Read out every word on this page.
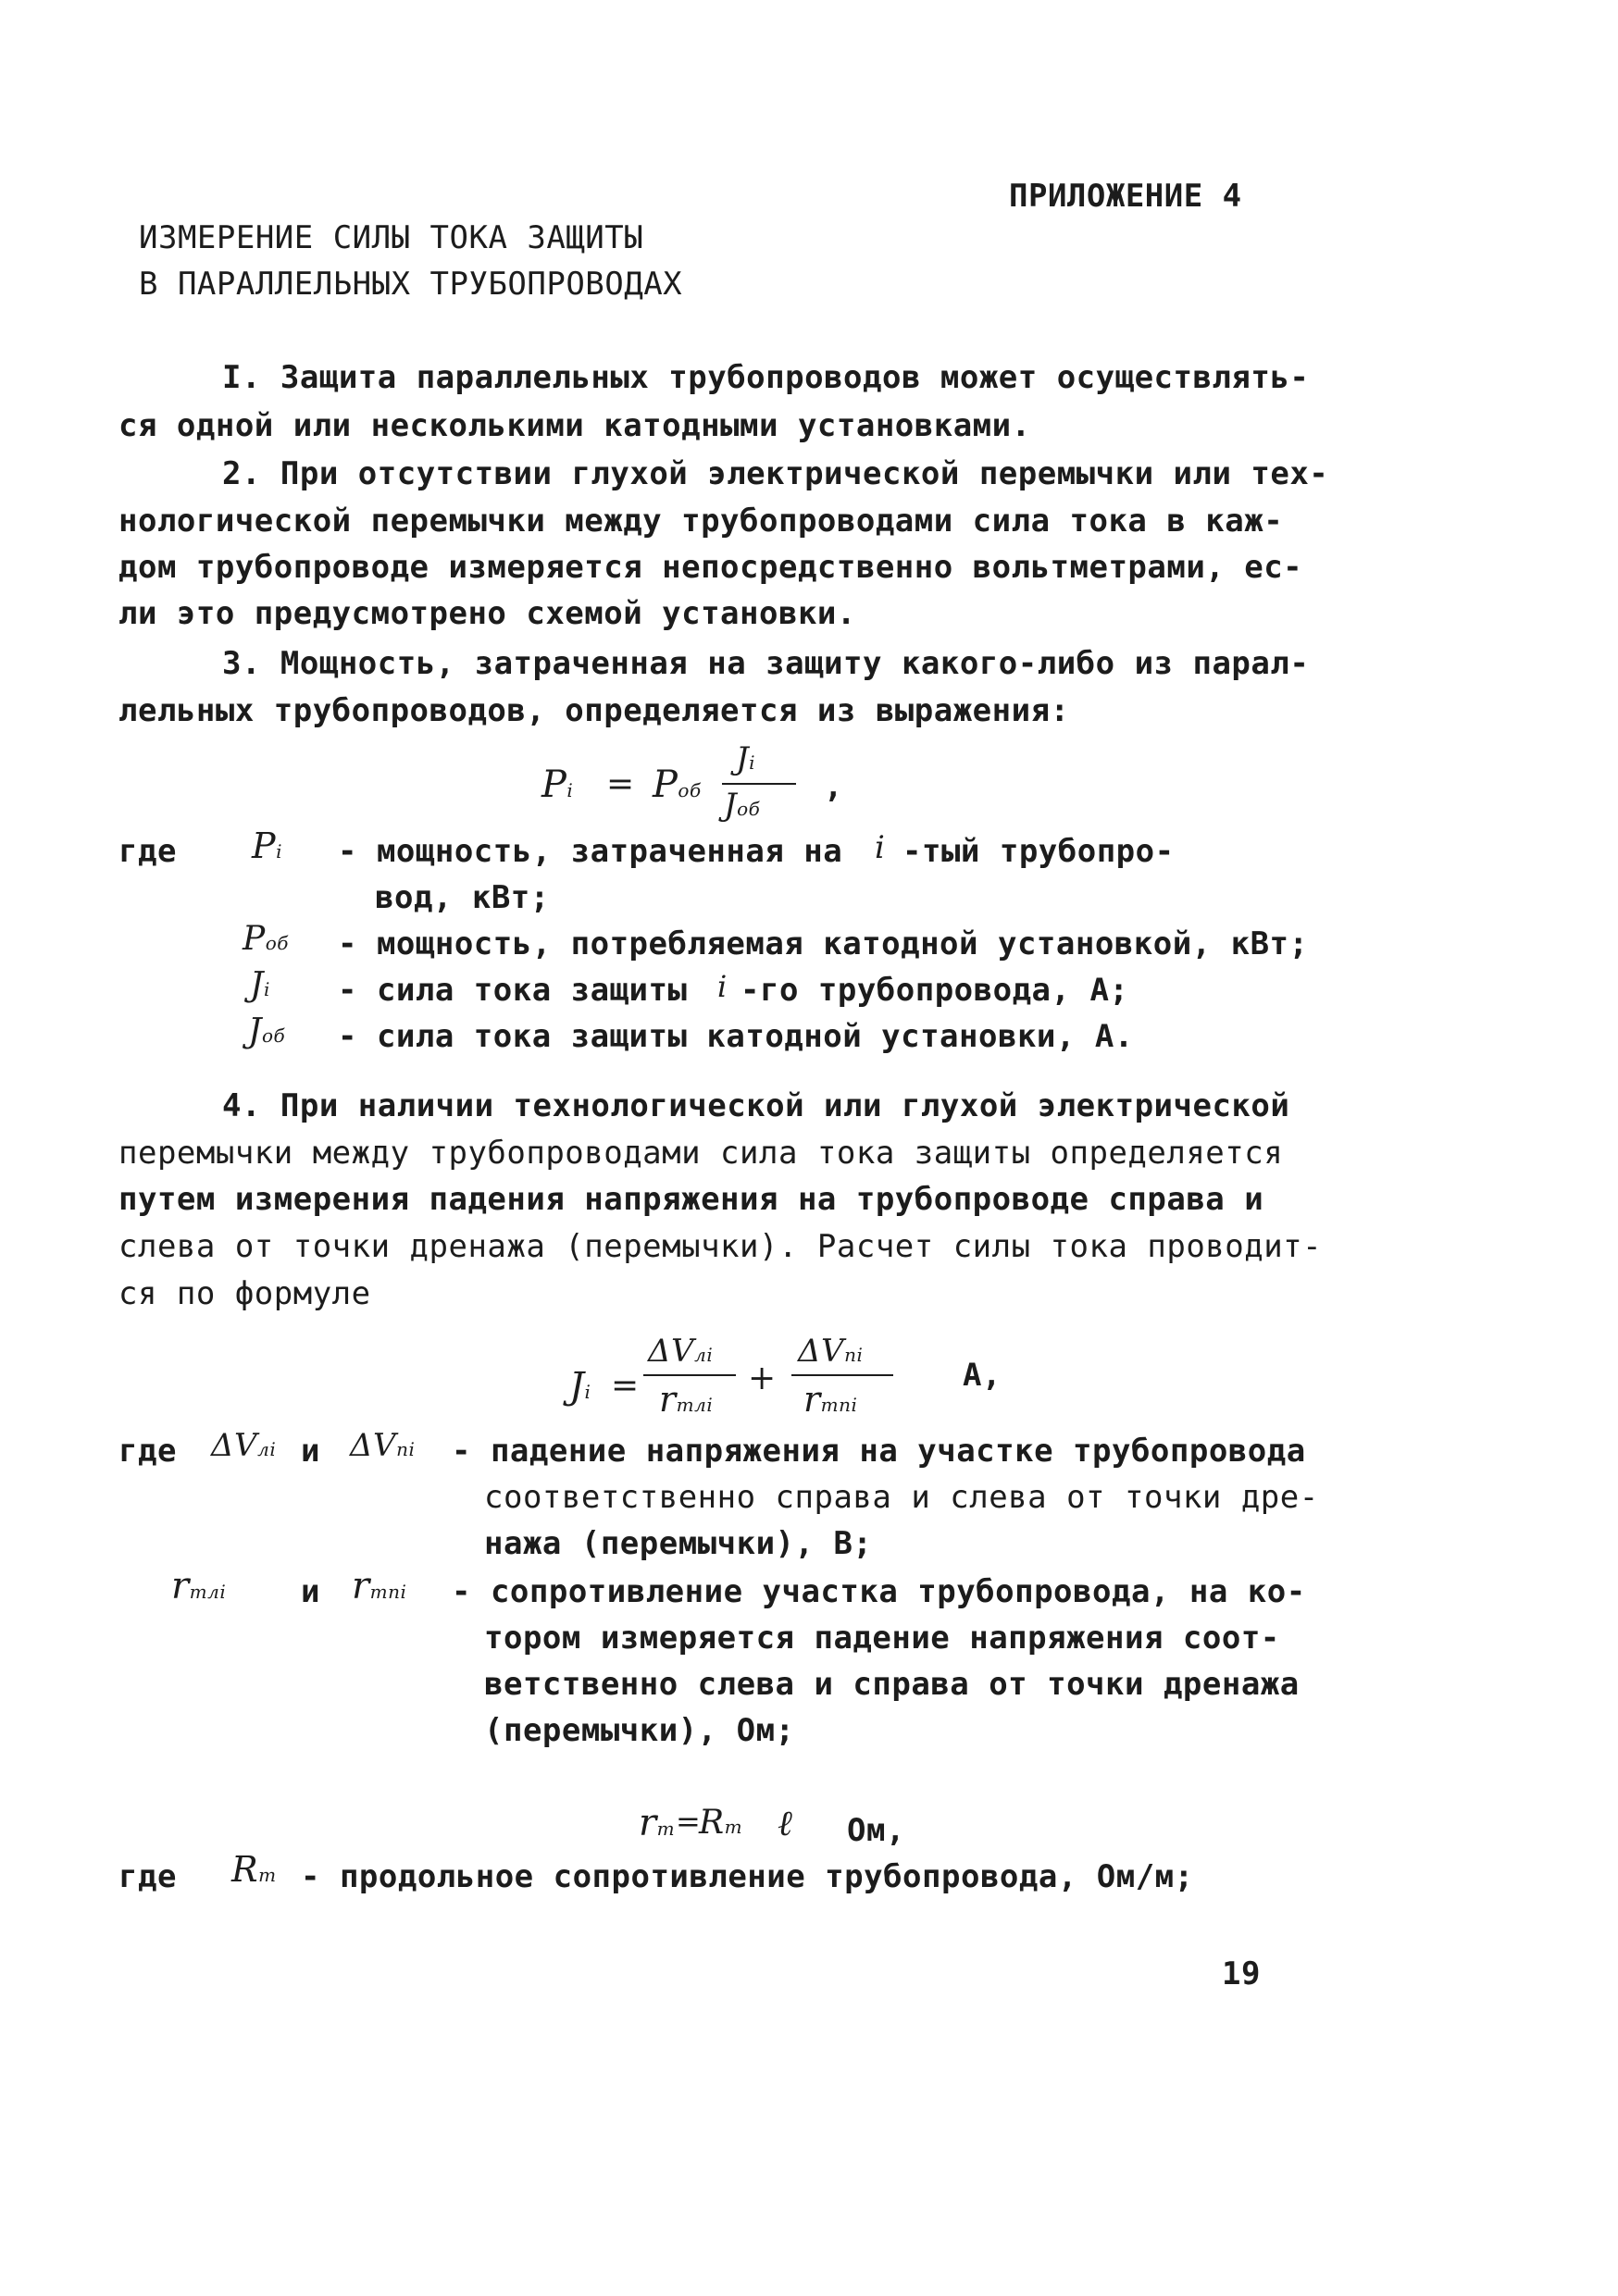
ПРИЛОЖЕНИЕ 4
ИЗМЕРЕНИЕ СИЛЫ ТОКА ЗАЩИТЫ
В ПАРАЛЛЕЛЬНЫХ ТРУБОПРОВОДАХ
I. Защита параллельных трубопроводов может осуществлять-
ся одной или несколькими катодными установками.
2. При отсутствии глухой электрической перемычки или тех-
нологической перемычки между трубопроводами сила тока в каж-
дом трубопроводе измеряется непосредственно вольтметрами, ес-
ли это предусмотрено схемой установки.
3. Мощность, затраченная на защиту какого-либо из парал-
лельных трубопроводов, определяется из выражения:
Pi = Pоб
Ji
Jоб
,
где Pi - мощность, затраченная на i -тый трубопро-
вод, кВт;
Pоб - мощность, потребляемая катодной установкой, кВт;
Ji - сила тока защиты i -го трубопровода, А;
Jоб - сила тока защиты катодной установки, А.
4. При наличии технологической или глухой электрической
перемычки между трубопроводами сила тока защиты определяется
путем измерения падения напряжения на трубопроводе справа и
слева от точки дренажа (перемычки). Расчет силы тока проводит-
ся по формуле
Ji =
ΔVлi
rтлi
+
ΔVпi
rтпi
А,
где ΔVлi и ΔVпi - падение напряжения на участке трубопровода
соответственно справа и слева от точки дре-
нажа (перемычки), В;
rтлi и rтпi - сопротивление участка трубопровода, на ко-
тором измеряется падение напряжения соот-
ветственно слева и справа от точки дренажа
(перемычки), Ом;
rт =
Rт ℓ Ом,
где Rт - продольное сопротивление трубопровода, Ом/м;
19
